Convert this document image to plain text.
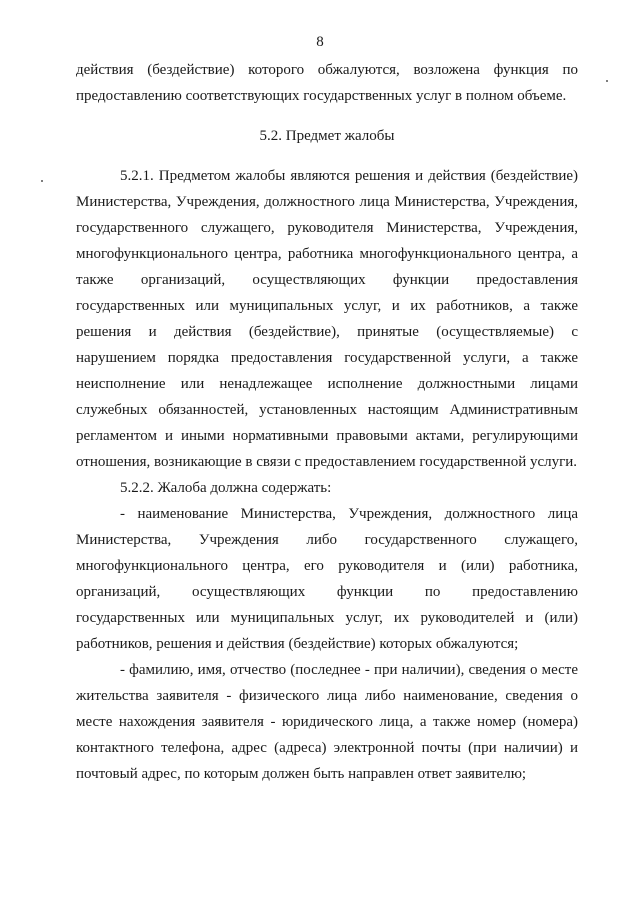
8

действия (бездействие) которого обжалуются, возложена функция по предоставлению соответствующих государственных услуг в полном объеме.

5.2. Предмет жалобы

5.2.1. Предметом жалобы являются решения и действия (бездействие) Министерства, Учреждения, должностного лица Министерства, Учреждения, государственного служащего, руководителя Министерства, Учреждения, многофункционального центра, работника многофункционального центра, а также организаций, осуществляющих функции предоставления государственных или муниципальных услуг, и их работников, а также решения и действия (бездействие), принятые (осуществляемые) с нарушением порядка предоставления государственной услуги, а также неисполнение или ненадлежащее исполнение должностными лицами служебных обязанностей, установленных настоящим Административным регламентом и иными нормативными правовыми актами, регулирующими отношения, возникающие в связи с предоставлением государственной услуги.

5.2.2. Жалоба должна содержать:

- наименование Министерства, Учреждения, должностного лица Министерства, Учреждения либо государственного служащего, многофункционального центра, его руководителя и (или) работника, организаций, осуществляющих функции по предоставлению государственных или муниципальных услуг, их руководителей и (или) работников, решения и действия (бездействие) которых обжалуются;

- фамилию, имя, отчество (последнее - при наличии), сведения о месте жительства заявителя - физического лица либо наименование, сведения о месте нахождения заявителя - юридического лица, а также номер (номера) контактного телефона, адрес (адреса) электронной почты (при наличии) и почтовый адрес, по которым должен быть направлен ответ заявителю;
